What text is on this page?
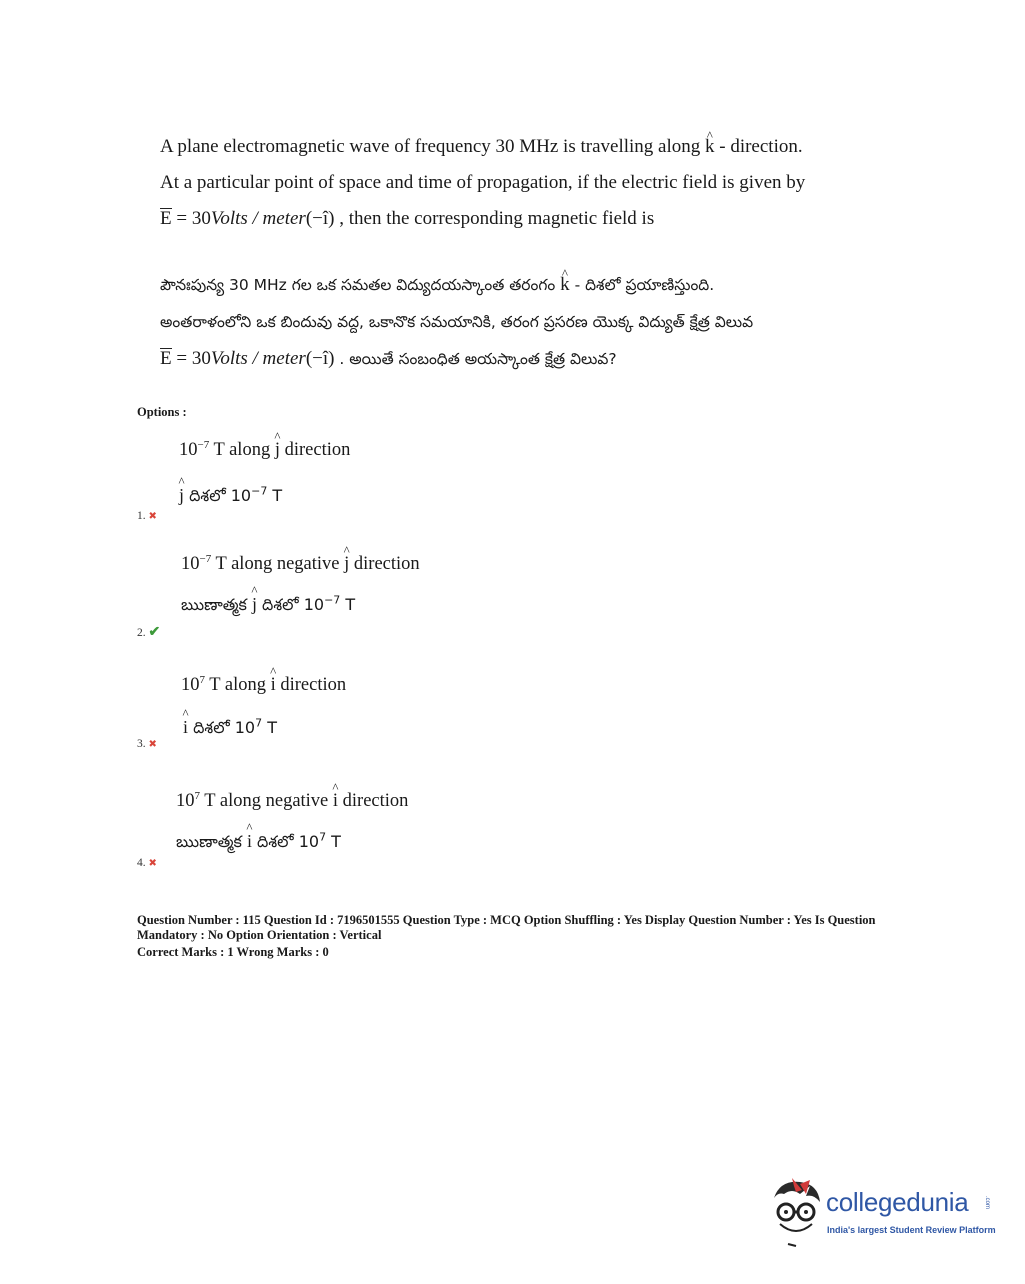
A plane electromagnetic wave of frequency 30 MHz is travelling along ^ k - direction.
At a particular point of space and time of propagation, if the electric field is given by
E = 30Volts / meter(−î) , then the corresponding magnetic field is
పౌనఃపున్య 30 MHz గల ఒక సమతల విద్యుదయస్కాంత తరంగం ^ k - దిశలో ప్రయాణిస్తుంది.
అంతరాళంలోని ఒక బిందువు వద్ద, ఒకానొక సమయానికి, తరంగ ప్రసరణ యొక్క విద్యుత్ క్షేత్ర విలువ
E = 30Volts / meter(−î) . అయితే సంబంధిత అయస్కాంత క్షేత్ర విలువ?
Options :
$10^{-7}$ T along ^ j direction
^ j దిశలో $10^{-7}$ T
1. ✖
$10^{-7}$ T along negative ^ j direction
ఋణాత్మక ^ j దిశలో $10^{-7}$ T
2. ✔
$10^7$ T along ^ i direction
^ i దిశలో $10^7$ T
3. ✖
$10^7$ T along negative ^ i direction
ఋణాత్మక ^ i దిశలో $10^7$ T
4. ✖
Question Number : 115 Question Id : 7196501555 Question Type : MCQ Option Shuffling : Yes Display Question Number : Yes Is Question
Mandatory : No Option Orientation : Vertical
Correct Marks : 1 Wrong Marks : 0
collegedunia	.com
India's largest Student Review Platform
